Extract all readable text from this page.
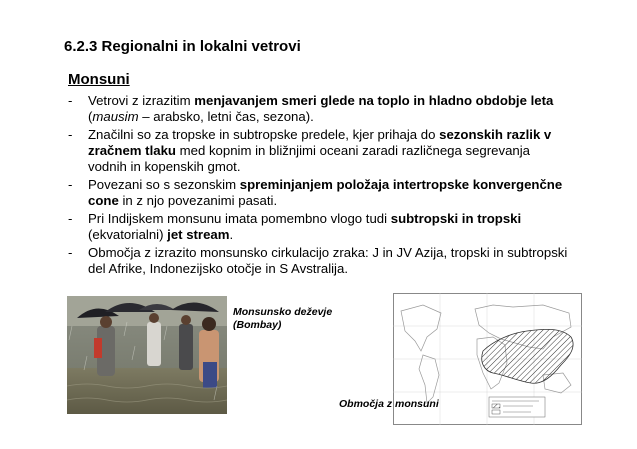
6.2.3 Regionalni in lokalni vetrovi
Monsuni
- Vetrovi z izrazitim menjavanjem smeri glede na toplo in hladno obdobje leta (mausim – arabsko, letni čas, sezona).
- Značilni so za tropske in subtropske predele, kjer prihaja do sezonskih razlik v zračnem tlaku med kopnim in bližnjimi oceani zaradi različnega segrevanja vodnih in kopenskih gmot.
- Povezani so s sezonskim spreminjanjem položaja intertropske konvergenčne cone in z njo povezanimi pasati.
- Pri Indijskem monsunu imata pomembno vlogo tudi subtropski in tropski (ekvatorialni) jet stream.
- Območja z izrazito monsunsko cirkulacijo zraka: J in JV Azija, tropski in subtropski del Afrike, Indonezijsko otočje in S Avstralija.
Monsunsko deževje
(Bombay)
Območja z monsuni
